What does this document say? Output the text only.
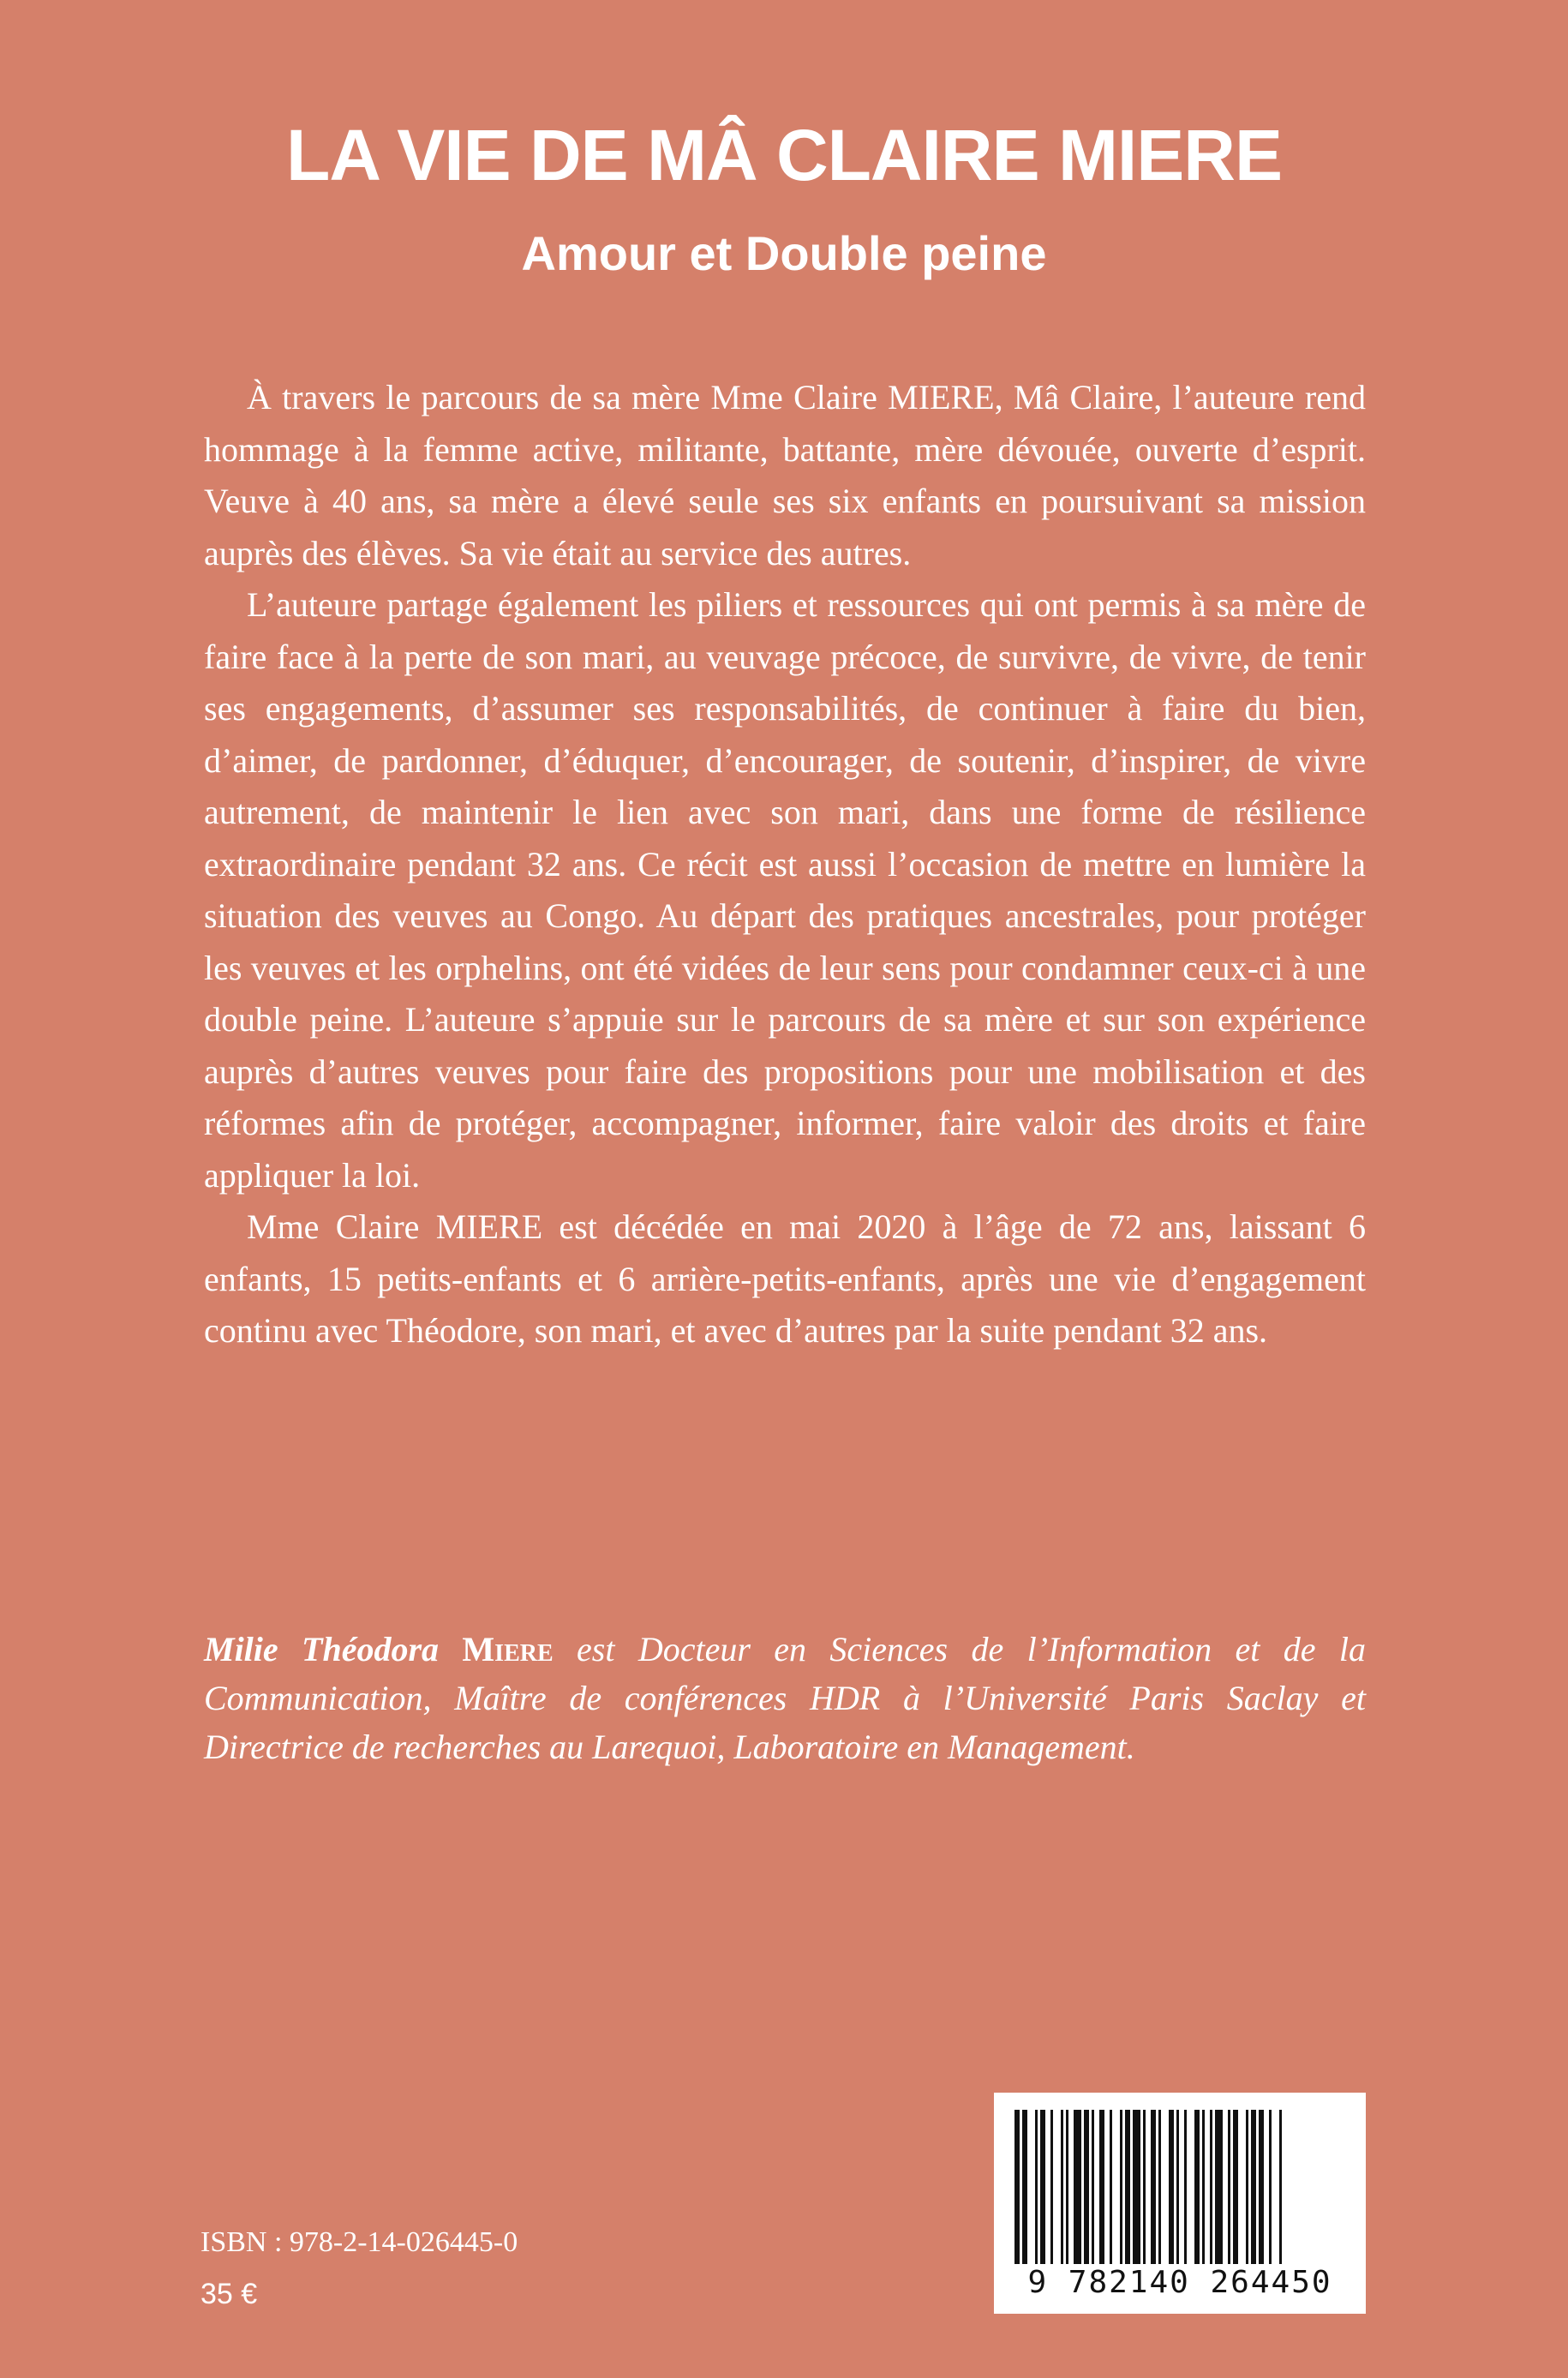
LA VIE DE MÂ CLAIRE MIERE
Amour et Double peine

À travers le parcours de sa mère Mme Claire MIERE, Mâ Claire, l’auteure rend hommage à la femme active, militante, battante, mère dévouée, ouverte d’esprit. Veuve à 40 ans, sa mère a élevé seule ses six enfants en poursuivant sa mission auprès des élèves. Sa vie était au service des autres.

L’auteure partage également les piliers et ressources qui ont permis à sa mère de faire face à la perte de son mari, au veuvage précoce, de survivre, de vivre, de tenir ses engagements, d’assumer ses responsabilités, de continuer à faire du bien, d’aimer, de pardonner, d’éduquer, d’encourager, de soutenir, d’inspirer, de vivre autrement, de maintenir le lien avec son mari, dans une forme de résilience extraordinaire pendant 32 ans. Ce récit est aussi l’occasion de mettre en lumière la situation des veuves au Congo. Au départ des pratiques ancestrales, pour protéger les veuves et les orphelins, ont été vidées de leur sens pour condamner ceux-ci à une double peine. L’auteure s’appuie sur le parcours de sa mère et sur son expérience auprès d’autres veuves pour faire des propositions pour une mobilisation et des réformes afin de protéger, accompagner, informer, faire valoir des droits et faire appliquer la loi.

Mme Claire MIERE est décédée en mai 2020 à l’âge de 72 ans, laissant 6 enfants, 15 petits-enfants et 6 arrière-petits-enfants, après une vie d’engagement continu avec Théodore, son mari, et avec d’autres par la suite pendant 32 ans.

Milie Théodora Miere est Docteur en Sciences de l’Information et de la Communication, Maître de conférences HDR à l’Université Paris Saclay et Directrice de recherches au Larequoi, Laboratoire en Management.

ISBN : 978-2-14-026445-0
35 €	9 782140 264450
